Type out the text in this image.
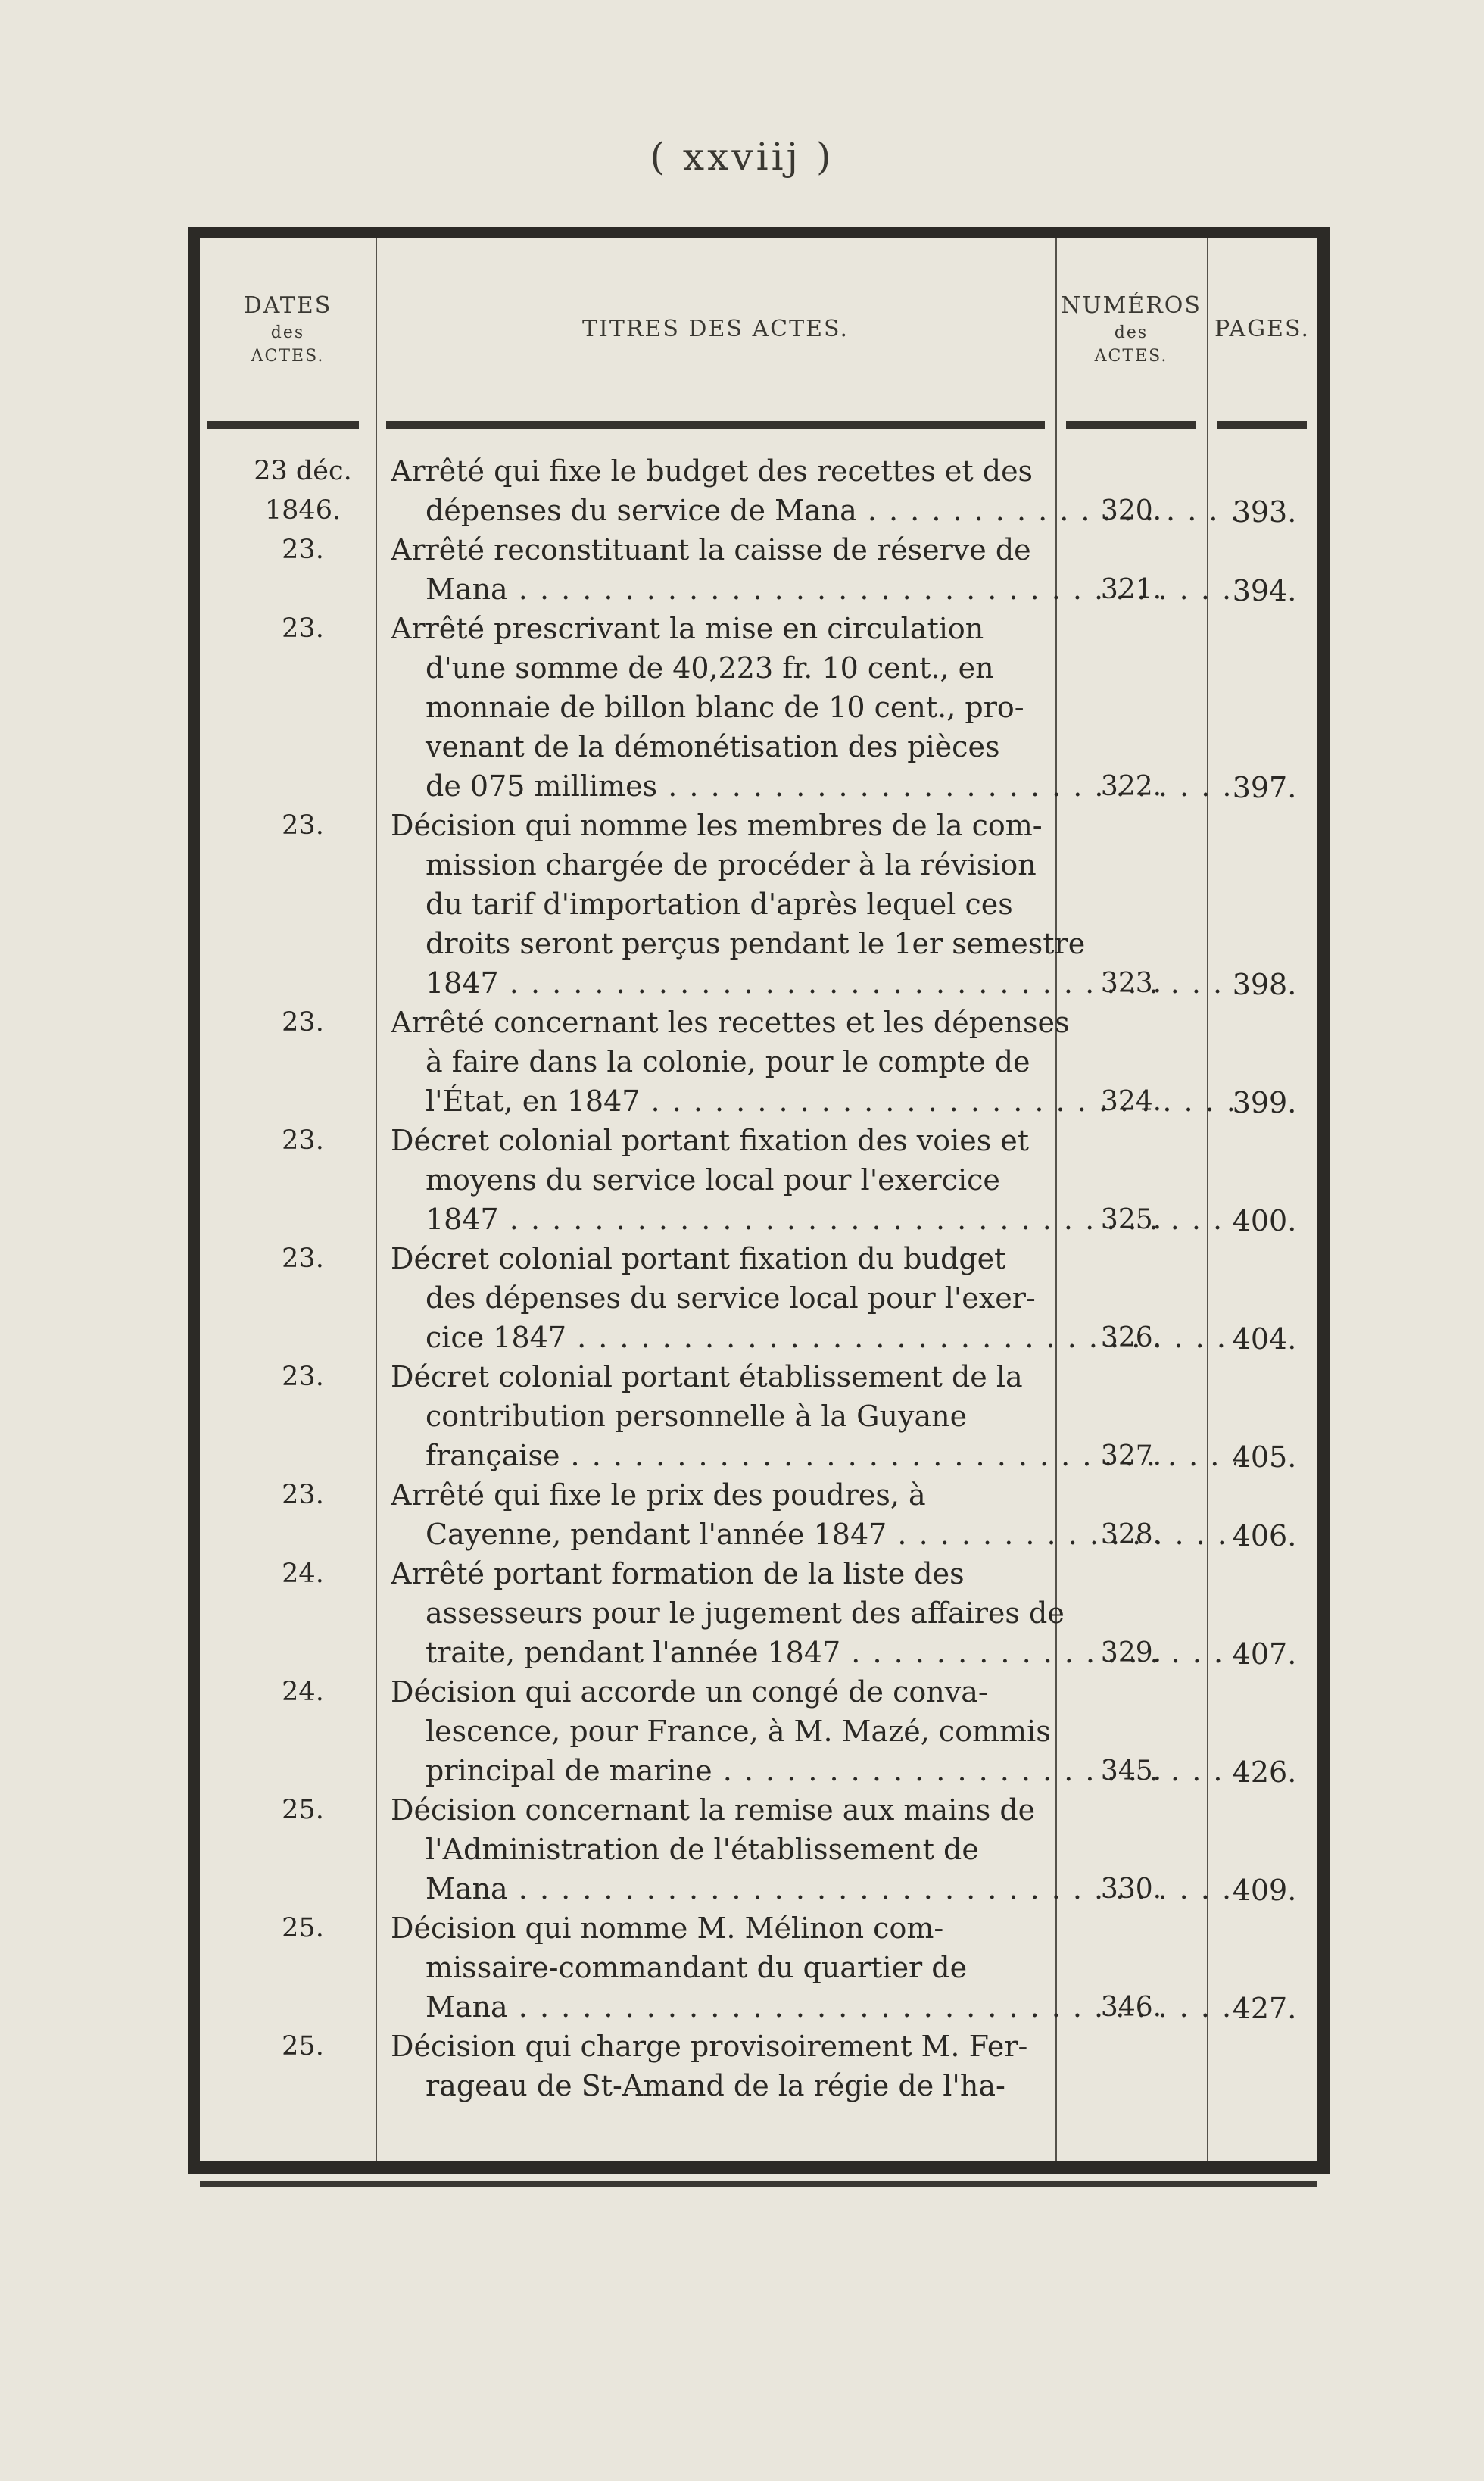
( xxviij )
DATES
des
ACTES.
TITRES DES ACTES.
NUMÉROS
des
ACTES.
PAGES.
23 déc.
1846.
Arrêté qui fixe le budget des recettes et des
dépenses du service de Mana . . .	320.	393.
23.	Arrêté reconstituant la caisse de réserve de
Mana . . .	321.	394.
23.	Arrêté prescrivant la mise en circulation
d'une somme de 40,223 fr. 10 cent., en
monnaie de billon blanc de 10 cent., pro-
venant de la démonétisation des pièces
de 075 millimes . . .	322.	397.
23.	Décision qui nomme les membres de la com-
mission chargée de procéder à la révision
du tarif d'importation d'après lequel ces
droits seront perçus pendant le 1er semestre
1847 . . .	323.	398.
23.	Arrêté concernant les recettes et les dépenses
à faire dans la colonie, pour le compte de
l'État, en 1847 . . .	324.	399.
23.	Décret colonial portant fixation des voies et
moyens du service local pour l'exercice
1847 . . .	325.	400.
23.	Décret colonial portant fixation du budget
des dépenses du service local pour l'exer-
cice 1847 . . .	326.	404.
23.	Décret colonial portant établissement de la
contribution personnelle à la Guyane
française . . .	327.	405.
23.	Arrêté qui fixe le prix des poudres, à
Cayenne, pendant l'année 1847 . . .	328.	406.
24.	Arrêté portant formation de la liste des
assesseurs pour le jugement des affaires de
traite, pendant l'année 1847 . . .	329.	407.
24.	Décision qui accorde un congé de conva-
lescence, pour France, à M. Mazé, commis
principal de marine . . .	345.	426.
25.	Décision concernant la remise aux mains de
l'Administration de l'établissement de
Mana . . .	330.	409.
25.	Décision qui nomme M. Mélinon com-
missaire-commandant du quartier de
Mana . . .	346.	427.
25.	Décision qui charge provisoirement M. Fer-
rageau de St-Amand de la régie de l'ha-
